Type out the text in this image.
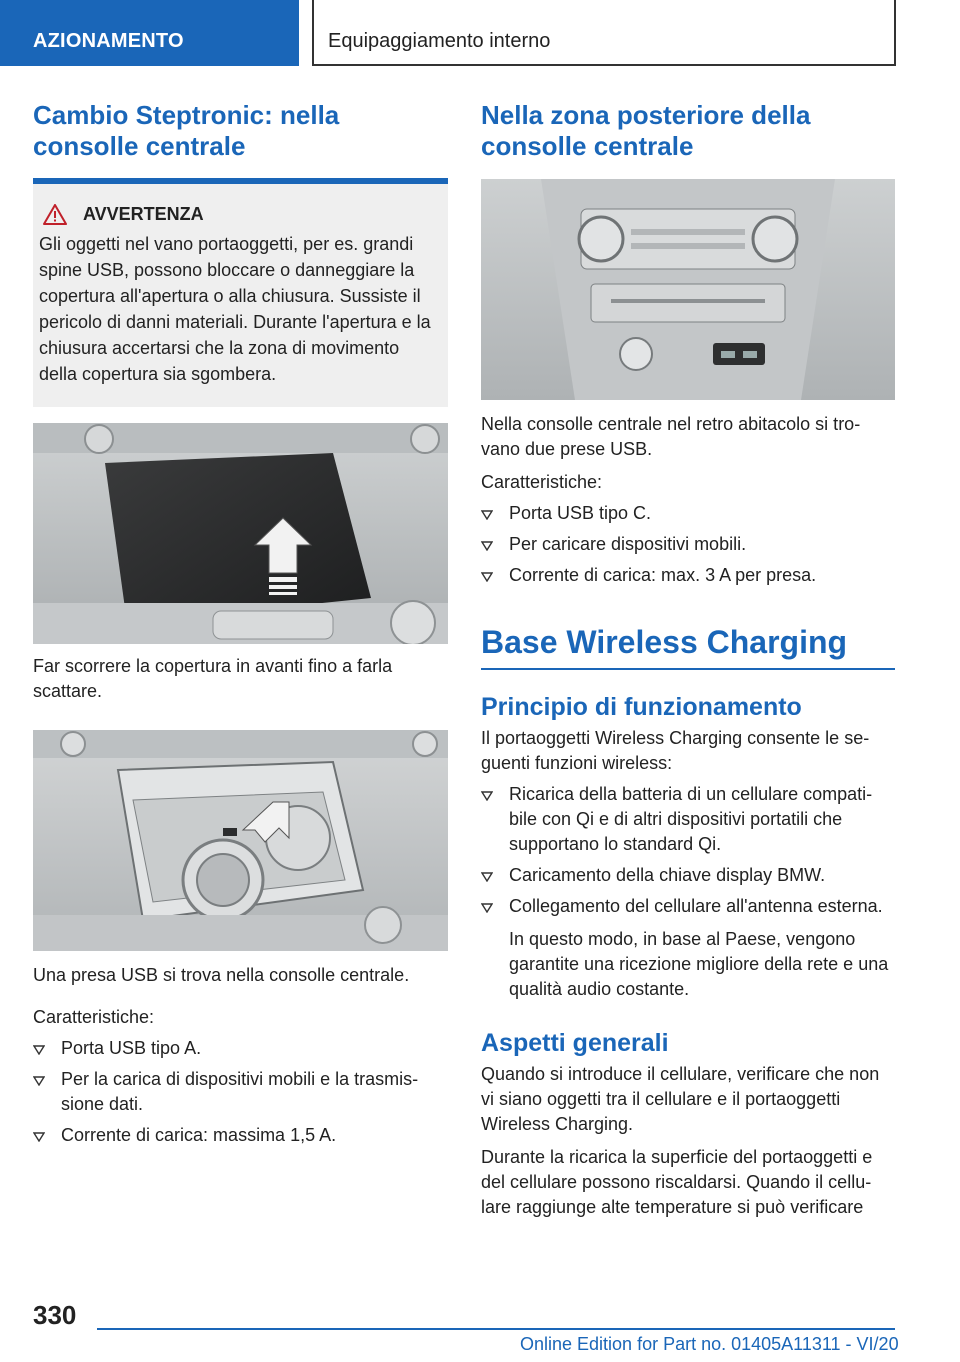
AZIONAMENTO	Equipaggiamento interno
Cambio Steptronic: nella consolle centrale
AVVERTENZA
Gli oggetti nel vano portaoggetti, per es. grandi spine USB, possono bloccare o danneggiare la copertura all'apertura o alla chiusura. Sussiste il pericolo di danni materiali. Durante l'apertura e la chiusura accertarsi che la zona di movimento della copertura sia sgombera.

Far scorrere la copertura in avanti fino a farla scattare.

Una presa USB si trova nella consolle centrale.

Caratteristiche:

Porta USB tipo A.
Per la carica di dispositivi mobili e la trasmis-sione dati.
Corrente di carica: massima 1,5 A.
Nella zona posteriore della consolle centrale

Nella consolle centrale nel retro abitacolo si tro-vano due prese USB.

Caratteristiche:

Porta USB tipo C.
Per caricare dispositivi mobili.
Corrente di carica: max. 3 A per presa.
Base Wireless Charging
Principio di funzionamento

Il portaoggetti Wireless Charging consente le se-guenti funzioni wireless:

Ricarica della batteria di un cellulare compati-bile con Qi e di altri dispositivi portatili che supportano lo standard Qi.
Caricamento della chiave display BMW.
Collegamento del cellulare all'antenna esterna.
In questo modo, in base al Paese, vengono garantite una ricezione migliore della rete e una qualità audio costante.
Aspetti generali

Quando si introduce il cellulare, verificare che non vi siano oggetti tra il cellulare e il portaoggetti Wireless Charging.

Durante la ricarica la superficie del portaoggetti e del cellulare possono riscaldarsi. Quando il cellu-lare raggiunge alte temperature si può verificare

330
Online Edition for Part no. 01405A11311 - VI/20
